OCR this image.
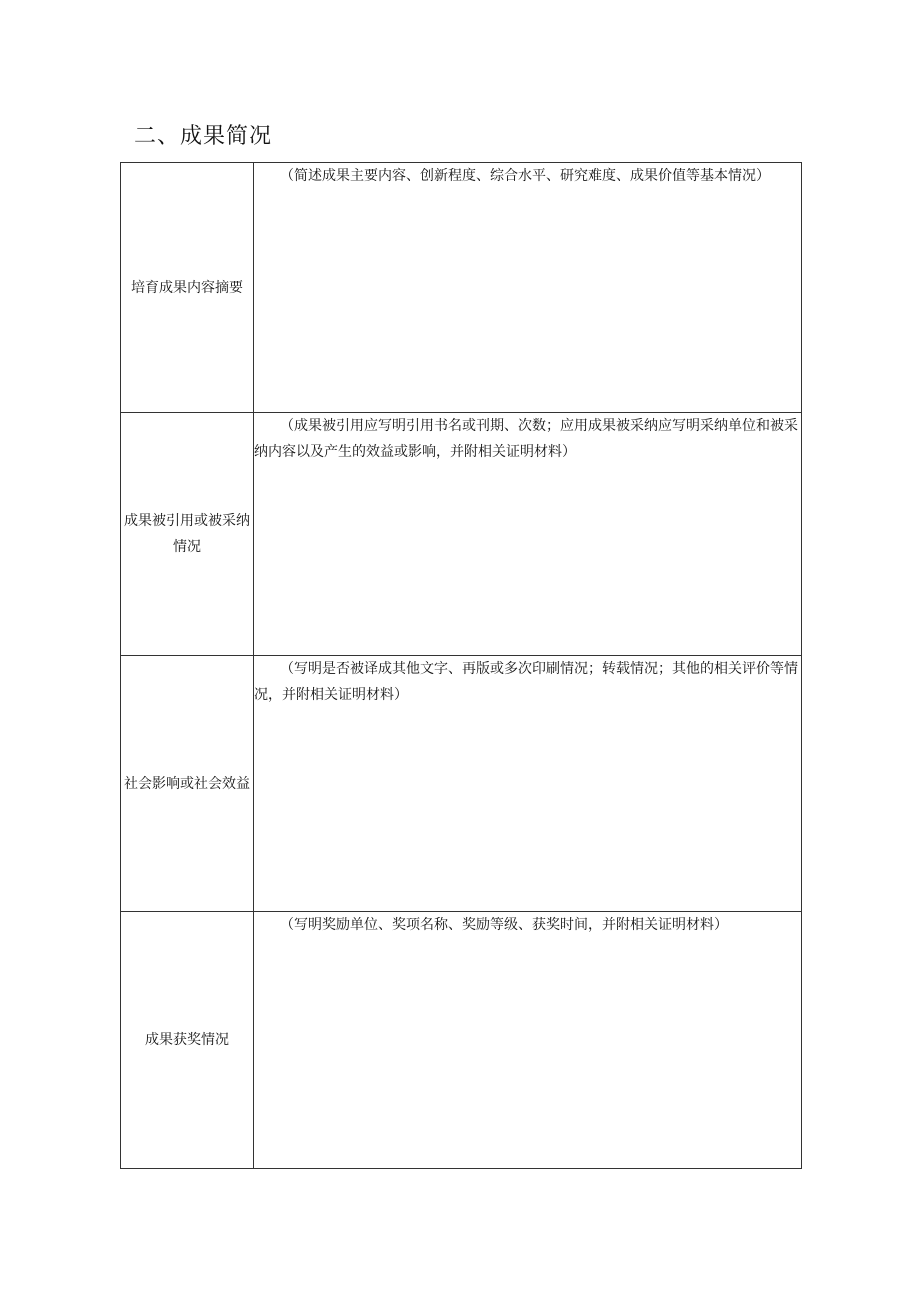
二、成果简况
培育成果内容摘要	（简述成果主要内容、创新程度、综合水平、研究难度、成果价值等基本情况）
成果被引用或被采纳情况	（成果被引用应写明引用书名或刊期、次数；应用成果被采纳应写明采纳单位和被采纳内容以及产生的效益或影响，并附相关证明材料）
社会影响或社会效益	（写明是否被译成其他文字、再版或多次印刷情况；转载情况；其他的相关评价等情况，并附相关证明材料）
成果获奖情况	（写明奖励单位、奖项名称、奖励等级、获奖时间，并附相关证明材料）
